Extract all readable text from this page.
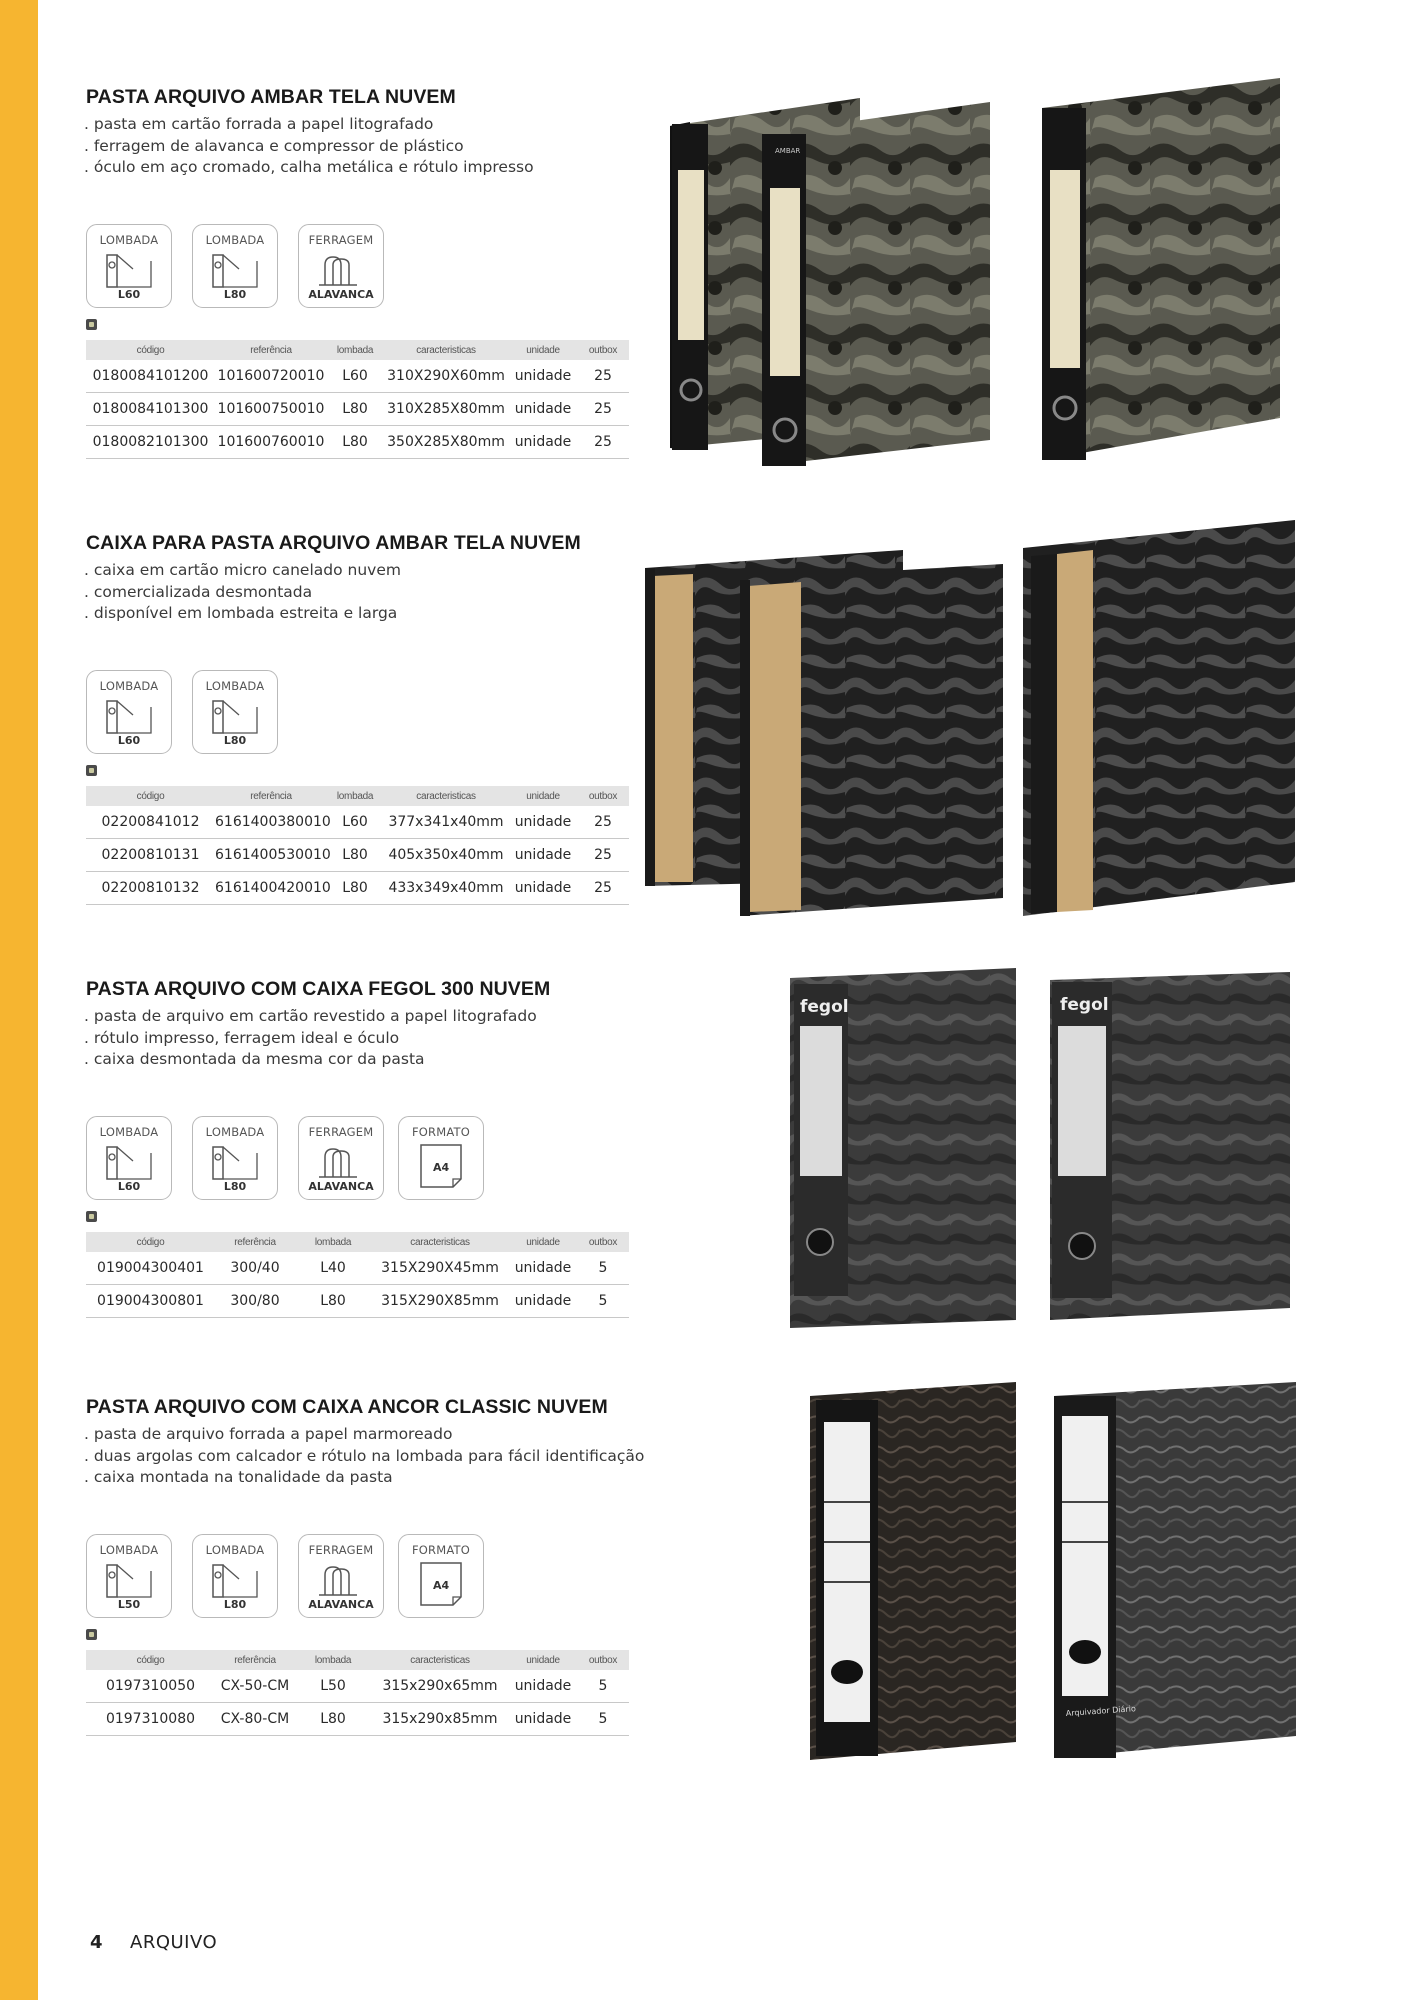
PASTA ARQUIVO AMBAR TELA NUVEM
. pasta em cartão forrada a papel litografado
. ferragem de alavanca e compressor de plástico
. óculo em aço cromado, calha metálica e rótulo impresso
LOMBADA
L60
LOMBADA
L80
FERRAGEM
ALAVANCA
código	referência	lombada	caracteristicas	unidade	outbox
0180084101200	101600720010	L60	310X290X60mm	unidade	25
0180084101300	101600750010	L80	310X285X80mm	unidade	25
0180082101300	101600760010	L80	350X285X80mm	unidade	25
AMBAR
CAIXA PARA PASTA ARQUIVO AMBAR TELA NUVEM
. caixa em cartão micro canelado nuvem
. comercializada desmontada
. disponível em lombada estreita e larga
LOMBADA
L60
LOMBADA
L80
código	referência	lombada	caracteristicas	unidade	outbox
02200841012	6161400380010	L60	377x341x40mm	unidade	25
02200810131	6161400530010	L80	405x350x40mm	unidade	25
02200810132	6161400420010	L80	433x349x40mm	unidade	25
PASTA ARQUIVO COM CAIXA FEGOL 300 NUVEM
. pasta de arquivo em cartão revestido a papel litografado
. rótulo impresso, ferragem ideal e óculo
. caixa desmontada da mesma cor da pasta
LOMBADA
L60
LOMBADA
L80
FERRAGEM
ALAVANCA
FORMATO
A4
código	referência	lombada	caracteristicas	unidade	outbox
019004300401	300/40	L40	315X290X45mm	unidade	5
019004300801	300/80	L80	315X290X85mm	unidade	5
fegol	fegol
PASTA ARQUIVO COM CAIXA ANCOR CLASSIC NUVEM
. pasta de arquivo forrada a papel marmoreado
. duas argolas com calcador e rótulo na lombada para fácil identificação
. caixa montada na tonalidade da pasta
LOMBADA
L50
LOMBADA
L80
FERRAGEM
ALAVANCA
FORMATO
A4
código	referência	lombada	caracteristicas	unidade	outbox
0197310050	CX-50-CM	L50	315x290x65mm	unidade	5
0197310080	CX-80-CM	L80	315x290x85mm	unidade	5	Arquivador Diário
4 ARQUIVO
